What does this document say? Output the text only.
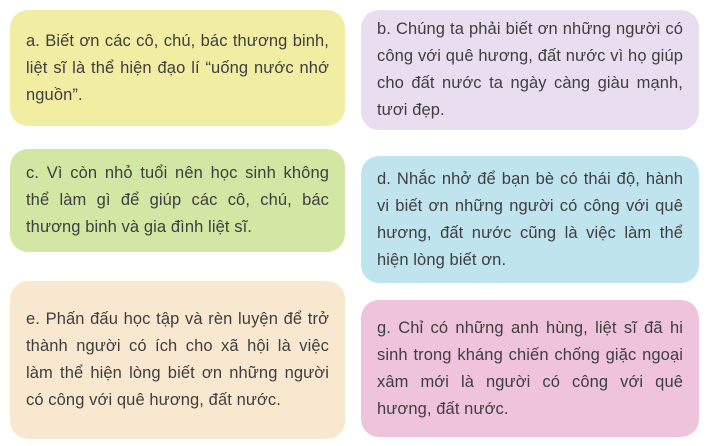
a. Biết ơn các cô, chú, bác thương binh, liệt sĩ là thể hiện đạo lí “uống nước nhớ nguồn”.

b. Chúng ta phải biết ơn những người có công với quê hương, đất nước vì họ giúp cho đất nước ta ngày càng giàu mạnh, tươi đẹp.

c. Vì còn nhỏ tuổi nên học sinh không thể làm gì để giúp các cô, chú, bác thương binh và gia đình liệt sĩ.

d. Nhắc nhở để bạn bè có thái độ, hành vi biết ơn những người có công với quê hương, đất nước cũng là việc làm thể hiện lòng biết ơn.

e. Phấn đấu học tập và rèn luyện để trở thành người có ích cho xã hội là việc làm thể hiện lòng biết ơn những người có công với quê hương, đất nước.

g. Chỉ có những anh hùng, liệt sĩ đã hi sinh trong kháng chiến chống giặc ngoại xâm mới là người có công với quê hương, đất nước.
